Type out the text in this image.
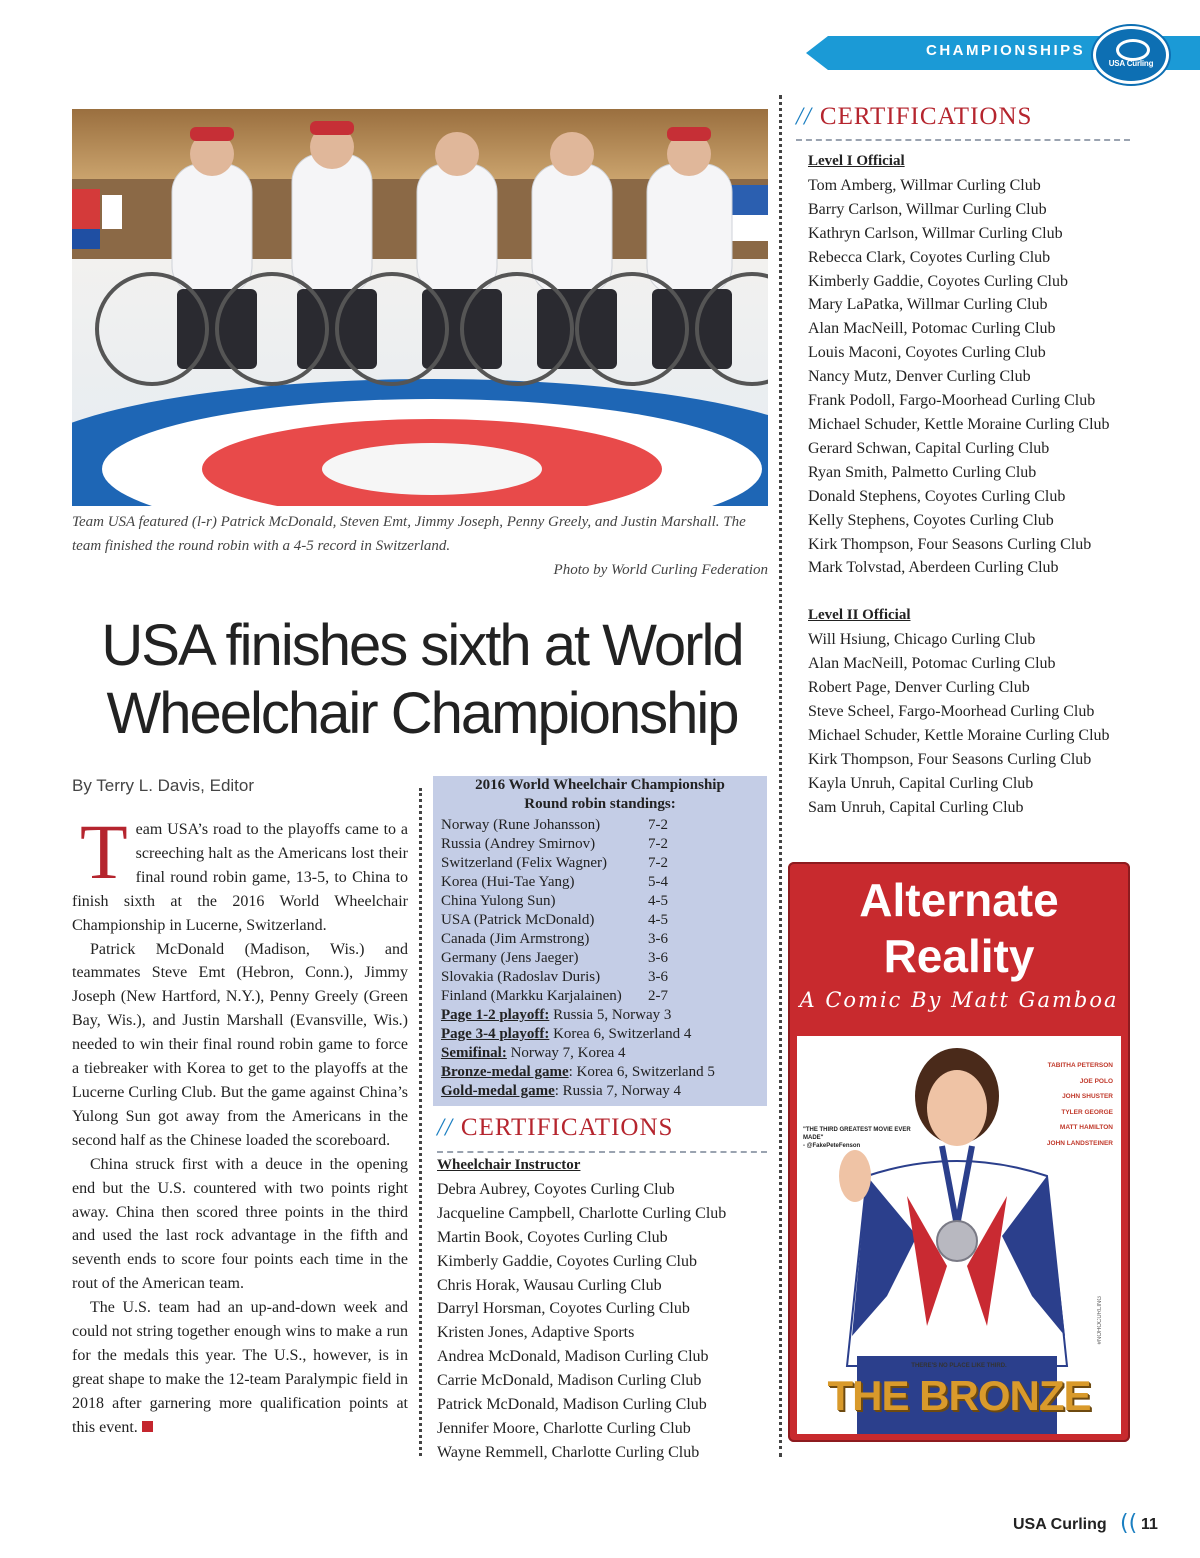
CHAMPIONSHIPS
USA Curling
Team USA featured (l-r) Patrick McDonald, Steven Emt, Jimmy Joseph, Penny Greely, and Justin Marshall. The team finished the round robin with a 4-5 record in Switzerland.
Photo by World Curling Federation
USA finishes sixth at World
Wheelchair Championship
By Terry L. Davis, Editor

Team USA’s road to the playoffs came to a screeching halt as the Americans lost their final round robin game, 13-5, to China to finish sixth at the 2016 World Wheelchair Championship in Lucerne, Switzerland.

Patrick McDonald (Madison, Wis.) and teammates Steve Emt (Hebron, Conn.), Jimmy Joseph (New Hartford, N.Y.), Penny Greely (Green Bay, Wis.), and Justin Marshall (Evansville, Wis.) needed to win their final round robin game to force a tiebreaker with Korea to get to the playoffs at the Lucerne Curling Club. But the game against China’s Yulong Sun got away from the Americans in the second half as the Chinese loaded the scoreboard.

China struck first with a deuce in the opening end but the U.S. countered with two points right away. China then scored three points in the third and used the last rock advantage in the fifth and seventh ends to score four points each time in the rout of the American team.

The U.S. team had an up-and-down week and could not string together enough wins to make a run for the medals this year. The U.S., however, is in great shape to make the 12-team Paralympic field in 2018 after garnering more qualification points at this event.

2016 World Wheelchair Championship
Round robin standings:
Norway (Rune Johansson)	7-2
Russia (Andrey Smirnov)	7-2
Switzerland (Felix Wagner)	7-2
Korea (Hui-Tae Yang)	5-4
China Yulong Sun)	4-5
USA (Patrick McDonald)	4-5
Canada (Jim Armstrong)	3-6
Germany (Jens Jaeger)	3-6
Slovakia (Radoslav Duris)	3-6
Finland (Markku Karjalainen)	2-7
Page 1-2 playoff: Russia 5, Norway 3
Page 3-4 playoff: Korea 6, Switzerland 4
Semifinal: Norway 7, Korea 4
Bronze-medal game: Korea 6, Switzerland 5
Gold-medal game: Russia 7, Norway 4
// CERTIFICATIONS
Wheelchair Instructor
Debra Aubrey, Coyotes Curling Club
Jacqueline Campbell, Charlotte Curling Club
Martin Book, Coyotes Curling Club
Kimberly Gaddie, Coyotes Curling Club
Chris Horak, Wausau Curling Club
Darryl Horsman, Coyotes Curling Club
Kristen Jones, Adaptive Sports
Andrea McDonald, Madison Curling Club
Carrie McDonald, Madison Curling Club
Patrick McDonald, Madison Curling Club
Jennifer Moore, Charlotte Curling Club
Wayne Remmell, Charlotte Curling Club
// CERTIFICATIONS
Level I Official
Tom Amberg, Willmar Curling Club
Barry Carlson, Willmar Curling Club
Kathryn Carlson, Willmar Curling Club
Rebecca Clark, Coyotes Curling Club
Kimberly Gaddie, Coyotes Curling Club
Mary LaPatka, Willmar Curling Club
Alan MacNeill, Potomac Curling Club
Louis Maconi, Coyotes Curling Club
Nancy Mutz, Denver Curling Club
Frank Podoll, Fargo-Moorhead Curling Club
Michael Schuder, Kettle Moraine Curling Club
Gerard Schwan, Capital Curling Club
Ryan Smith, Palmetto Curling Club
Donald Stephens, Coyotes Curling Club
Kelly Stephens, Coyotes Curling Club
Kirk Thompson, Four Seasons Curling Club
Mark Tolvstad, Aberdeen Curling Club
Level II Official
Will Hsiung, Chicago Curling Club
Alan MacNeill, Potomac Curling Club
Robert Page, Denver Curling Club
Steve Scheel, Fargo-Moorhead Curling Club
Michael Schuder, Kettle Moraine Curling Club
Kirk Thompson, Four Seasons Curling Club
Kayla Unruh, Capital Curling Club
Sam Unruh, Capital Curling Club
Alternate
Reality
A Comic By Matt Gamboa
TABITHA PETERSON
JOE POLO
JOHN SHUSTER
TYLER GEORGE
MATT HAMILTON
JOHN LANDSTEINER
"THE THIRD GREATEST MOVIE EVER MADE"
- @FakePeteFenson
THERE'S NO PLACE LIKE THIRD.
THE BRONZE
#NOHOCURLING
USA Curling (( 11
